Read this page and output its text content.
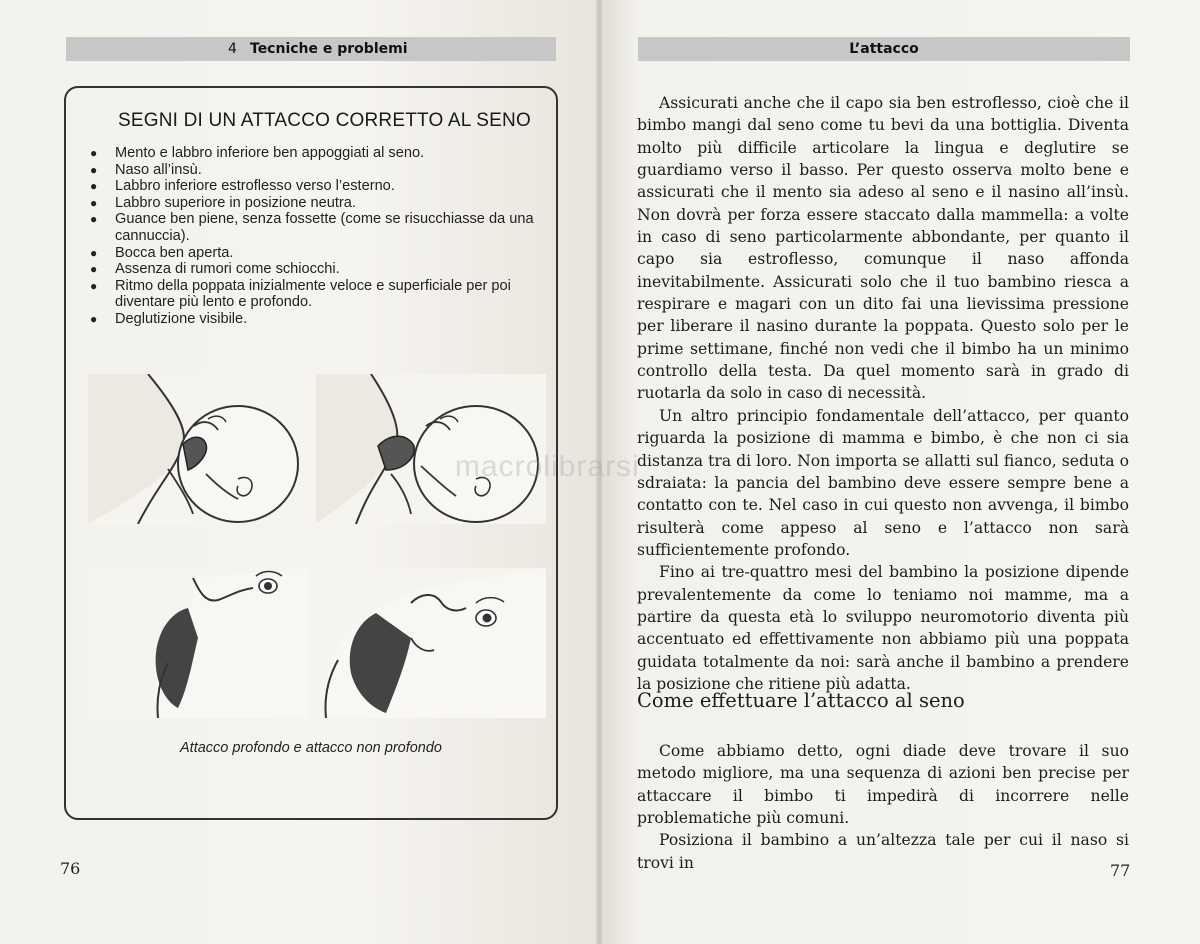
4 Tecniche e problemi
SEGNI DI UN ATTACCO CORRETTO AL SENO
● Mento e labbro inferiore ben appoggiati al seno.
● Naso all’insù.
● Labbro inferiore estroflesso verso l’esterno.
● Labbro superiore in posizione neutra.
● Guance ben piene, senza fossette (come se risucchiasse da una cannuccia).
● Bocca ben aperta.
● Assenza di rumori come schiocchi.
● Ritmo della poppata inizialmente veloce e superficiale per poi diventare più lento e profondo.
● Deglutizione visibile.
Attacco profondo e attacco non profondo
76
L’attacco

Assicurati anche che il capo sia ben estroflesso, cioè che il bimbo mangi dal seno come tu bevi da una bottiglia. Diventa molto più difficile articolare la lingua e deglutire se guardiamo verso il basso. Per questo osserva molto bene e assicurati che il mento sia adeso al seno e il nasino all’insù. Non dovrà per forza essere staccato dalla mammella: a volte in caso di seno particolarmente abbondante, per quanto il capo sia estroflesso, comunque il naso affonda inevitabilmente. Assicurati solo che il tuo bambino riesca a respirare e magari con un dito fai una lievissima pressione per liberare il nasino durante la poppata. Questo solo per le prime settimane, finché non vedi che il bimbo ha un minimo controllo della testa. Da quel momento sarà in grado di ruotarla da solo in caso di necessità.

Un altro principio fondamentale dell’attacco, per quanto riguarda la posizione di mamma e bimbo, è che non ci sia distanza tra di loro. Non importa se allatti sul fianco, seduta o sdraiata: la pancia del bambino deve essere sempre bene a contatto con te. Nel caso in cui questo non avvenga, il bimbo risulterà come appeso al seno e l’attacco non sarà sufficientemente profondo.

Fino ai tre-quattro mesi del bambino la posizione dipende prevalentemente da come lo teniamo noi mamme, ma a partire da questa età lo sviluppo neuromotorio diventa più accentuato ed effettivamente non abbiamo più una poppata guidata totalmente da noi: sarà anche il bambino a prendere la posizione che ritiene più adatta.

Come effettuare l’attacco al seno

Come abbiamo detto, ogni diade deve trovare il suo metodo migliore, ma una sequenza di azioni ben precise per attaccare il bimbo ti impedirà di incorrere nelle problematiche più comuni.

Posiziona il bambino a un’altezza tale per cui il naso si trovi in	77
macrolibrarsi
